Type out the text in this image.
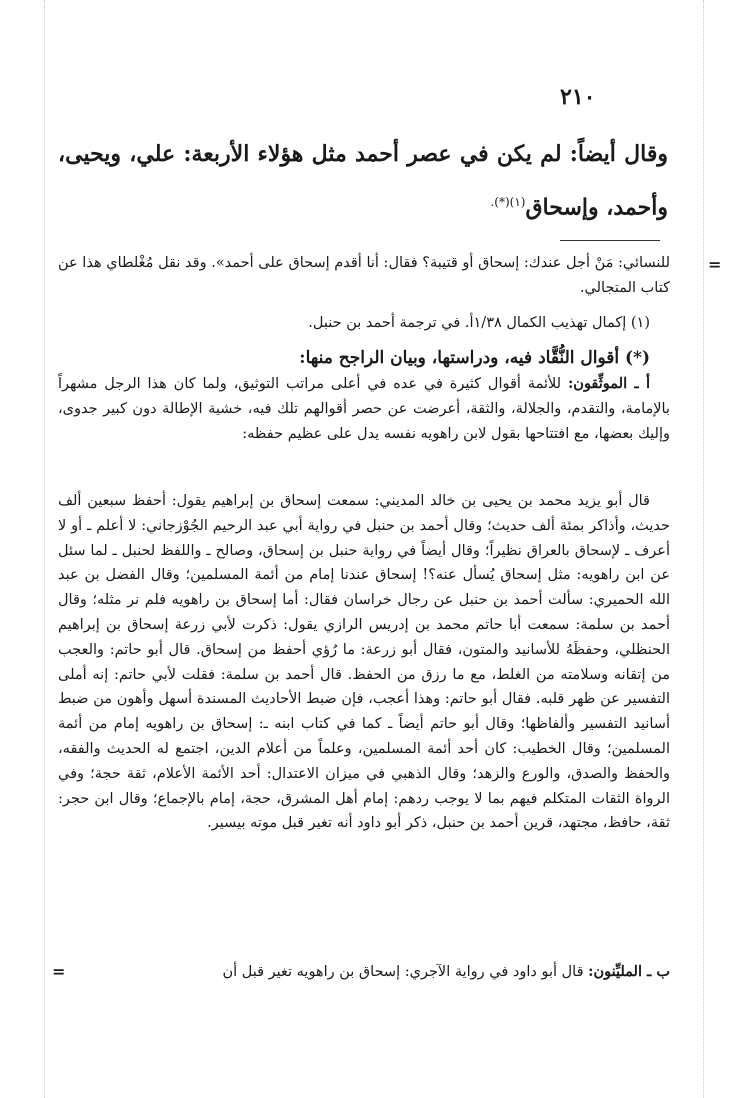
٢١٠
وقال أيضاً: لم يكن في عصر أحمد مثل هؤلاء الأربعة: علي، ويحيى، وأحمد، وإسحاق$^{(١)(*).}$
=
للنسائي: مَنْ أجل عندك: إسحاق أو قتيبة؟ فقال: أنا أقدم إسحاق على أحمد». وقد نقل مُغْلطاي هذا عن كتاب المتجالي.
(١) إكمال تهذيب الكمال ١/٣٨أ. في ترجمة أحمد بن حنبل.
(*) أقوال النُّقَّاد فيه، ودراستها، وبيان الراجح منها:
أ ـ الموثِّقون: للأئمة أقوال كثيرة في عده في أعلى مراتب التوثيق، ولما كان هذا الرجل مشهراً بالإمامة، والتقدم، والجلالة، والثقة، أعرضت عن حصر أقوالهم تلك فيه، خشية الإطالة دون كبير جدوى، وإليك بعضها، مع افتتاحها بقول لابن راهويه نفسه يدل على عظيم حفظه:
قال أبو يزيد محمد بن يحيى بن خالد المديني: سمعت إسحاق بن إبراهيم يقول: أحفظ سبعين ألف حديث، وأذاكر بمئة ألف حديث؛ وقال أحمد بن حنبل في رواية أبي عبد الرحيم الجُوْزجاني: لا أعلم ـ أو لا أعرف ـ لإسحاق بالعراق نظيراً؛ وقال أيضاً في رواية حنبل بن إسحاق، وصالح ـ واللفظ لحنبل ـ لما سئل عن ابن راهويه: مثل إسحاق يُسأل عنه؟! إسحاق عندنا إمام من أئمة المسلمين؛ وقال الفضل بن عبد الله الحميري: سألت أحمد بن حنبل عن رجال خراسان فقال: أما إسحاق بن راهويه فلم نر مثله؛ وقال أحمد بن سلمة: سمعت أبا حاتم محمد بن إدريس الرازي يقول: ذكرت لأبي زرعة إسحاق بن إبراهيم الحنظلي، وحفظَهُ للأسانيد والمتون، فقال أبو زرعة: ما رُؤي أحفظ من إسحاق. قال أبو حاتم: والعجب من إتقانه وسلامته من الغلط، مع ما رزق من الحفظ. قال أحمد بن سلمة: فقلت لأبي حاتم: إنه أملى التفسير عن ظهر قلبه. فقال أبو حاتم: وهذا أعجب، فإن ضبط الأحاديث المسندة أسهل وأهون من ضبط أسانيد التفسير وألفاظها؛ وقال أبو حاتم أيضاً ـ كما في كتاب ابنه ـ: إسحاق بن راهويه إمام من أئمة المسلمين؛ وقال الخطيب: كان أحد أئمة المسلمين، وعلماً من أعلام الدين، اجتمع له الحديث والفقه، والحفظ والصدق، والورع والزهد؛ وقال الذهبي في ميزان الاعتدال: أحد الأئمة الأعلام، ثقة حجة؛ وفي الرواة الثقات المتكلم فيهم بما لا يوجب ردهم: إمام أهل المشرق، حجة، إمام بالإجماع؛ وقال ابن حجر: ثقة، حافظ، مجتهد، قرين أحمد بن حنبل، ذكر أبو داود أنه تغير قبل موته بيسير.
ب ـ المليِّنون: قال أبو داود في رواية الآجري: إسحاق بن راهويه تغير قبل أن
=
